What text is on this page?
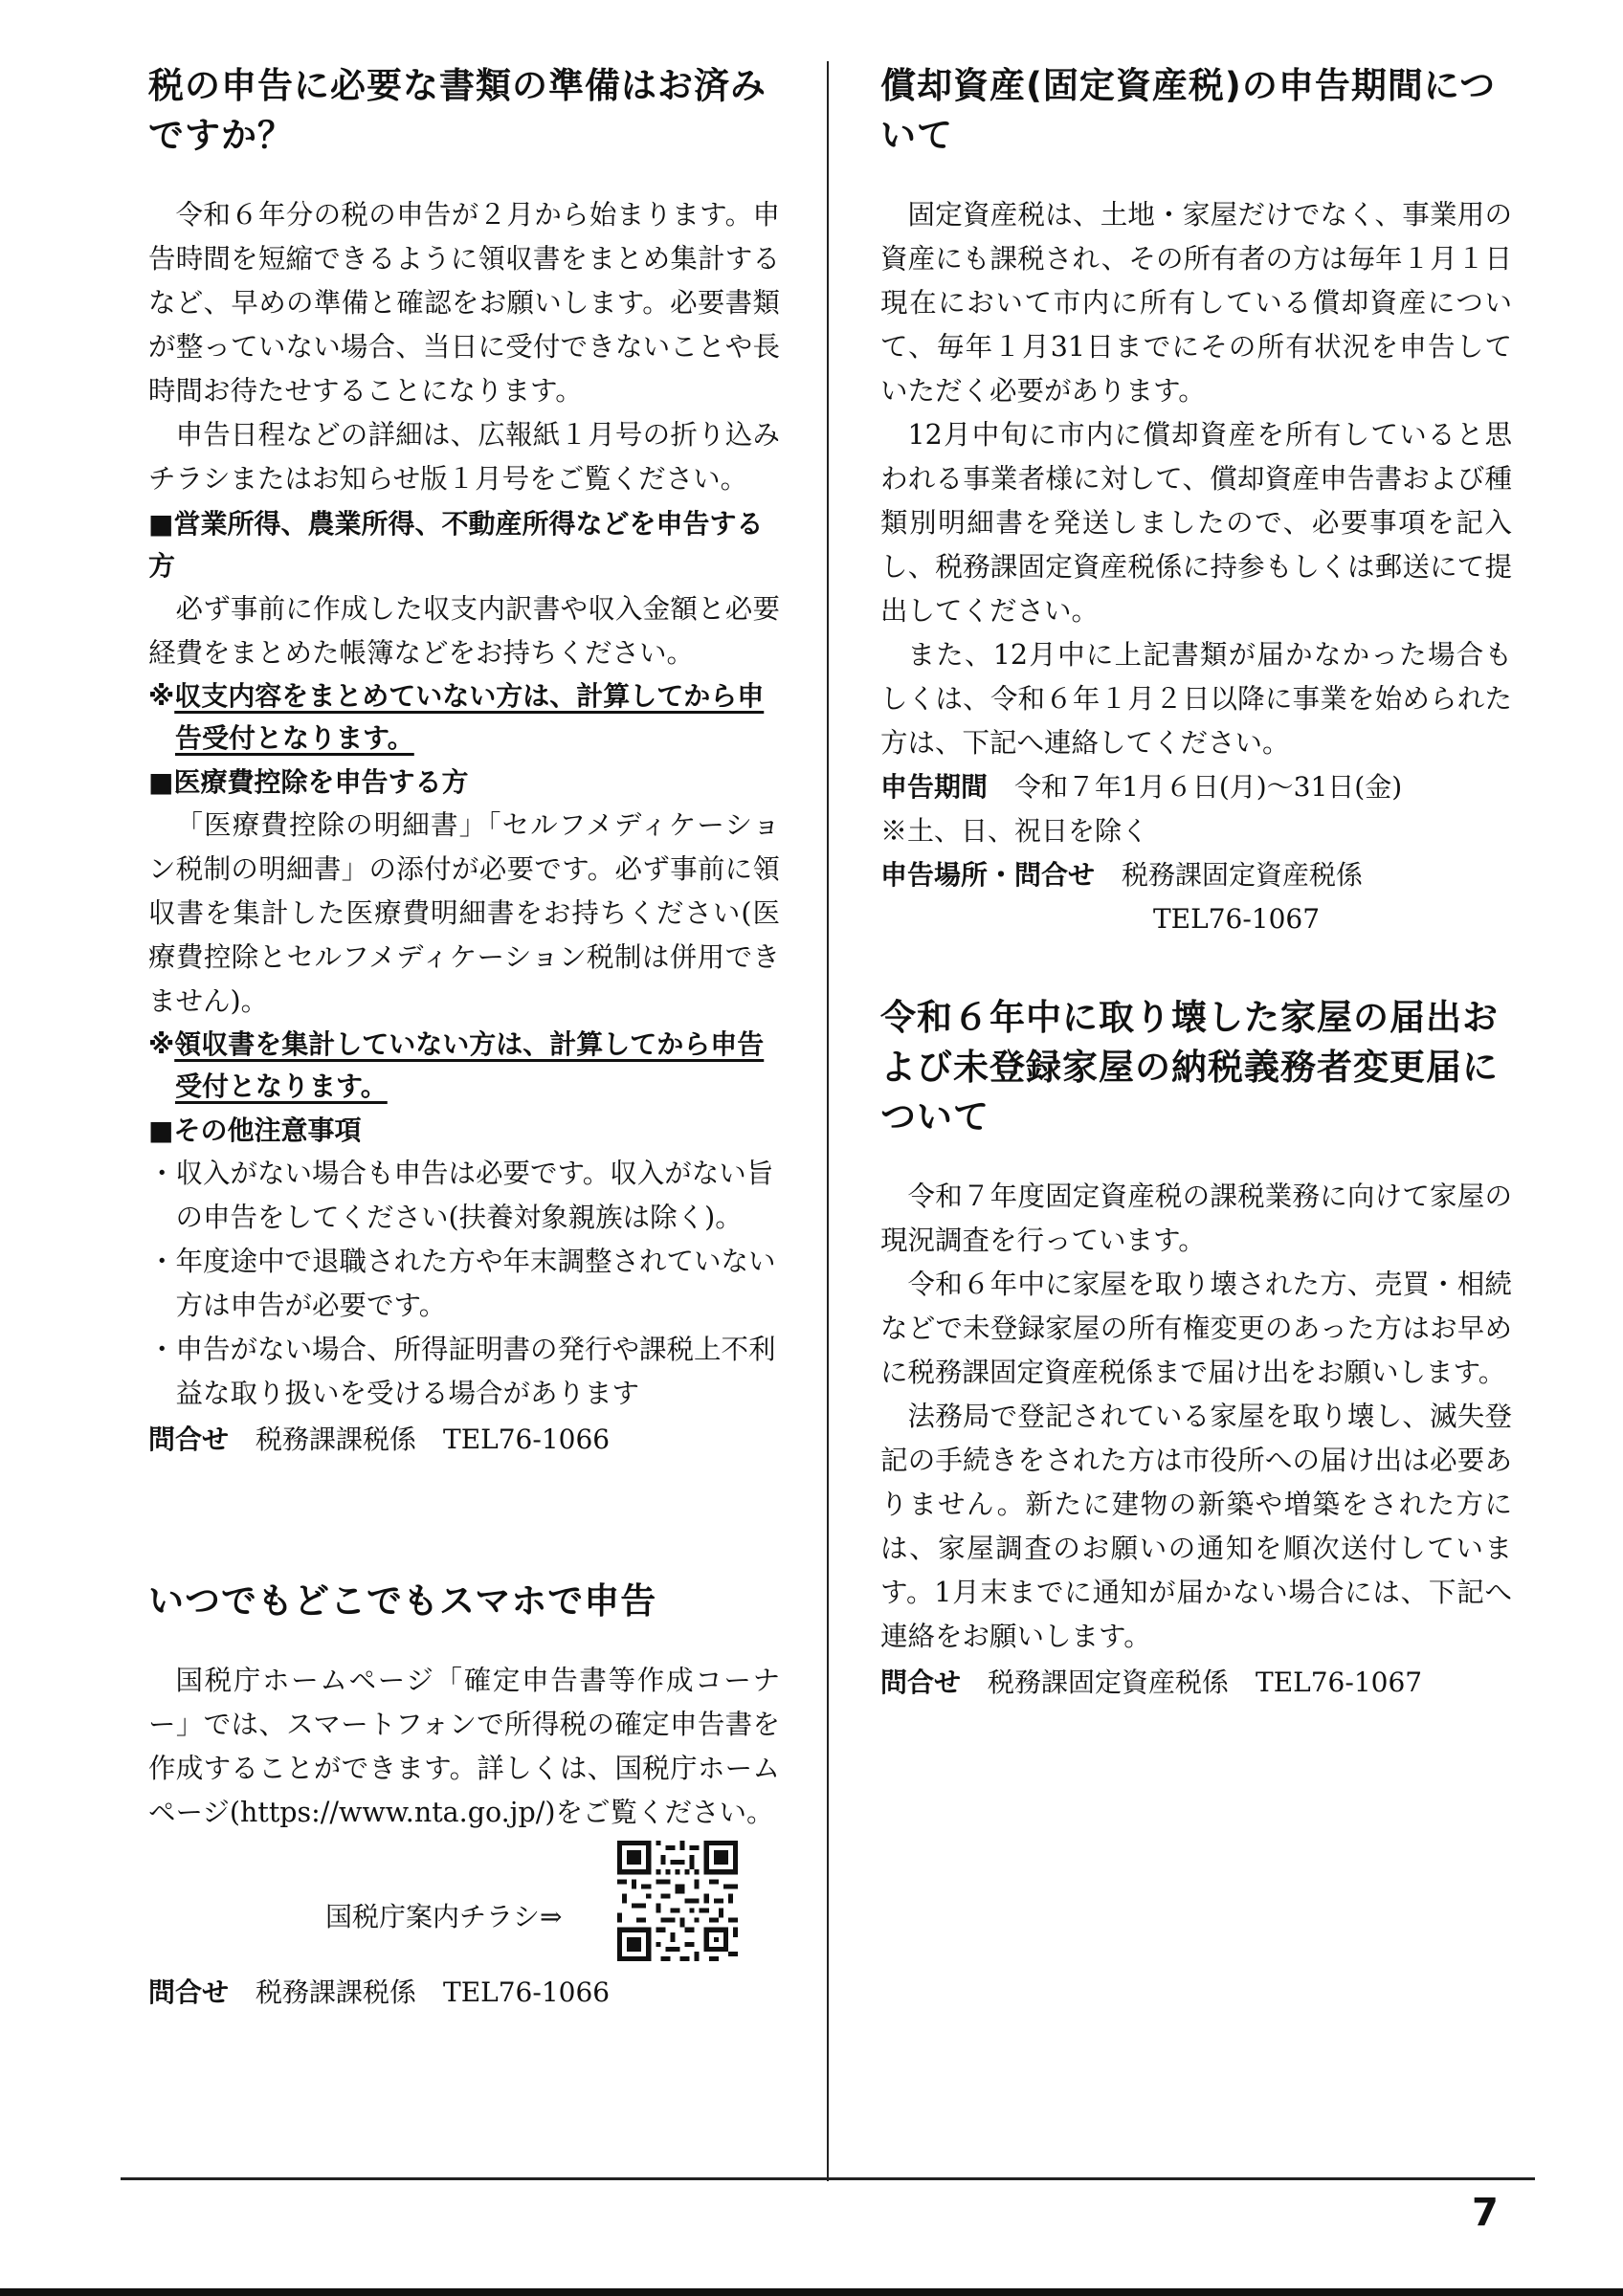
税の申告に必要な書類の準備はお済みですか？

令和６年分の税の申告が２月から始まります。申告時間を短縮できるように領収書をまとめ集計するなど、早めの準備と確認をお願いします。必要書類が整っていない場合、当日に受付できないことや長時間お待たせすることになります。

申告日程などの詳細は、広報紙１月号の折り込みチラシまたはお知らせ版１月号をご覧ください。

■営業所得、農業所得、不動産所得などを申告する方

必ず事前に作成した収支内訳書や収入金額と必要経費をまとめた帳簿などをお持ちください。

※収支内容をまとめていない方は、計算してから申告受付となります。
■医療費控除を申告する方

「医療費控除の明細書」「セルフメディケーション税制の明細書」の添付が必要です。必ず事前に領収書を集計した医療費明細書をお持ちください(医療費控除とセルフメディケーション税制は併用できません)。

※領収書を集計していない方は、計算してから申告受付となります。
■その他注意事項
・収入がない場合も申告は必要です。収入がない旨の申告をしてください(扶養対象親族は除く)。
・年度途中で退職された方や年末調整されていない方は申告が必要です。
・申告がない場合、所得証明書の発行や課税上不利益な取り扱いを受ける場合があります
問合せ 税務課課税係　TEL76-1066
いつでもどこでもスマホで申告

国税庁ホームページ「確定申告書等作成コーナー」では、スマートフォンで所得税の確定申告書を作成することができます。詳しくは、国税庁ホームページ(https://www.nta.go.jp/)をご覧ください。

国税庁案内チラシ⇒
問合せ 税務課課税係　TEL76-1066
償却資産(固定資産税)の申告期間について

固定資産税は、土地・家屋だけでなく、事業用の資産にも課税され、その所有者の方は毎年１月１日現在において市内に所有している償却資産について、毎年１月31日までにその所有状況を申告していただく必要があります。

12月中旬に市内に償却資産を所有していると思われる事業者様に対して、償却資産申告書および種類別明細書を発送しましたので、必要事項を記入し、税務課固定資産税係に持参もしくは郵送にて提出してください。

また、12月中に上記書類が届かなかった場合もしくは、令和６年１月２日以降に事業を始められた方は、下記へ連絡してください。

申告期間 令和７年1月６日(月)～31日(金)
※土、日、祝日を除く
申告場所・問合せ 税務課固定資産税係
TEL76-1067
令和６年中に取り壊した家屋の届出および未登録家屋の納税義務者変更届について

令和７年度固定資産税の課税業務に向けて家屋の現況調査を行っています。

令和６年中に家屋を取り壊された方、売買・相続などで未登録家屋の所有権変更のあった方はお早めに税務課固定資産税係まで届け出をお願いします。

法務局で登記されている家屋を取り壊し、滅失登記の手続きをされた方は市役所への届け出は必要ありません。新たに建物の新築や増築をされた方には、家屋調査のお願いの通知を順次送付しています。1月末までに通知が届かない場合には、下記へ連絡をお願いします。

問合せ 税務課固定資産税係　TEL76-1067
7
